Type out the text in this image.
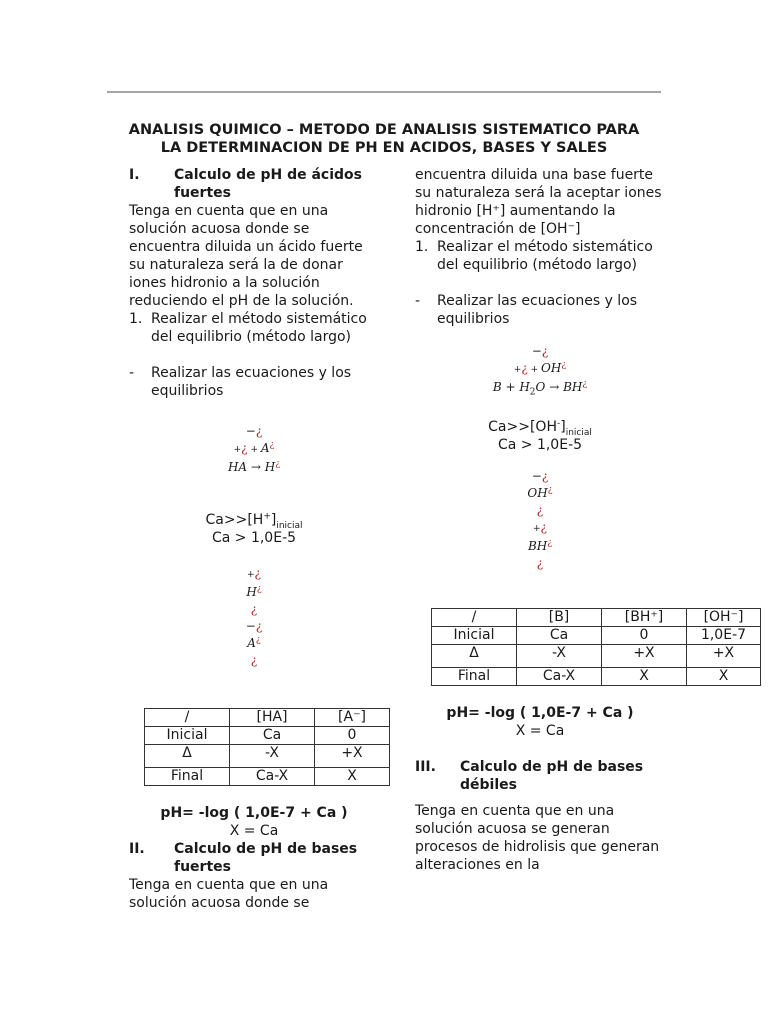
ANALISIS QUIMICO – METODO DE ANALISIS SISTEMATICO PARA
LA DETERMINACION DE PH EN ACIDOS, BASES Y SALES
I. Calculo de pH de ácidos fuertes

Tenga en cuenta que en una solución acuosa donde se encuentra diluida un ácido fuerte su naturaleza será la de donar iones hidronio a la solución reduciendo el pH de la solución.

1. Realizar el método sistemático del equilibrio (método largo)
- Realizar las ecuaciones y los equilibrios
−¿
+¿ + A¿
HA → H¿
$Ca>>[H^+]_{inicial}$
Ca > 1,0E-5
+¿
H¿
¿
−¿
A¿
¿
/	[HA]	[A⁻]
Inicial	Ca	0
Δ	-X	+X
Final	Ca-X	X
pH= -log ( 1,0E-7 + Ca )
X = Ca
II. Calculo de pH de bases fuertes

Tenga en cuenta que en una solución acuosa donde se

encuentra diluida una base fuerte su naturaleza será la aceptar iones hidronio [H⁺] aumentando la concentración de [OH⁻]

1. Realizar el método sistemático del equilibrio (método largo)
- Realizar las ecuaciones y los equilibrios
−¿
+¿ + OH¿
$B + H_2O \to BH^¿$
$Ca>>[OH^-]_{inicial}$
Ca > 1,0E-5
−¿
OH¿
¿
+¿
BH¿
¿
/	[B]	[BH⁺]	[OH⁻]
Inicial	Ca	0	1,0E-7
Δ	-X	+X	+X
Final	Ca-X	X	X
pH= -log ( 1,0E-7 + Ca )
X = Ca
III. Calculo de pH de bases débiles

Tenga en cuenta que en una solución acuosa se generan procesos de hidrolisis que generan alteraciones en la
